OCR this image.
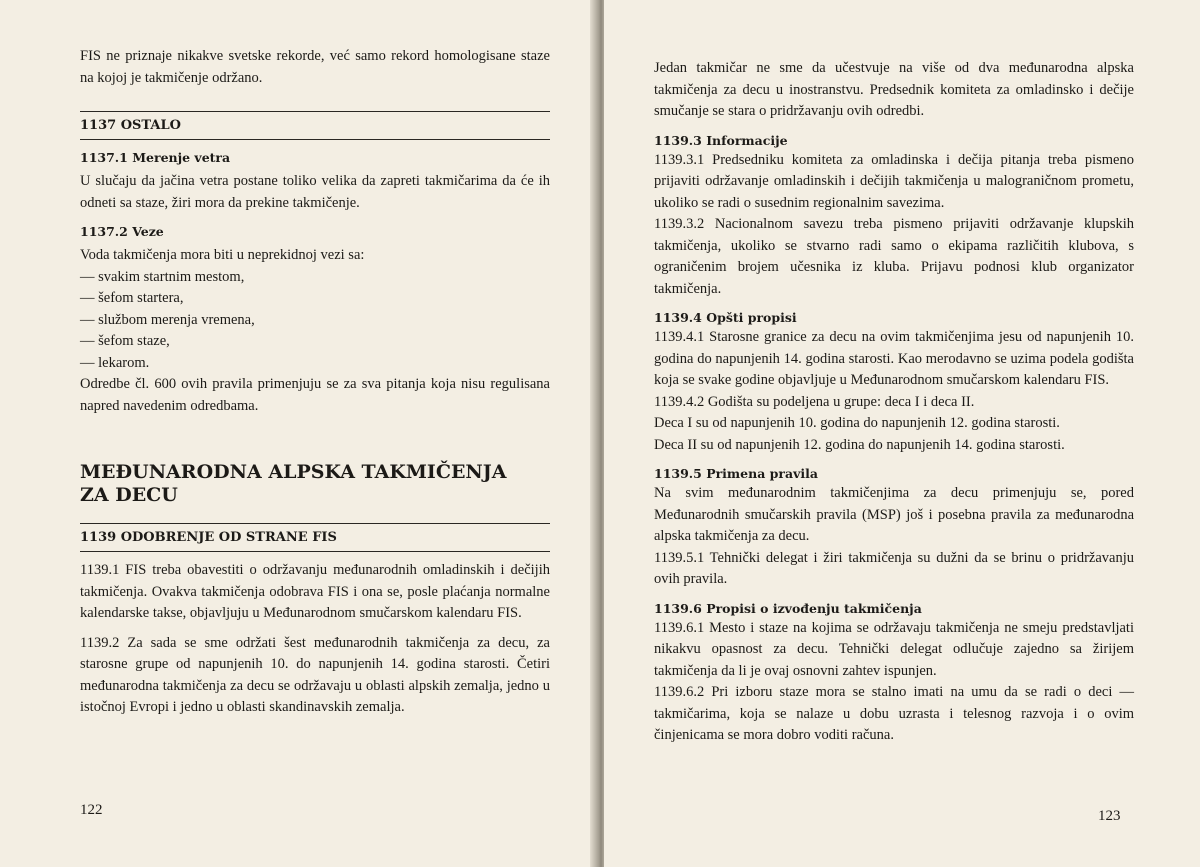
FIS ne priznaje nikakve svetske rekorde, već samo rekord homologisane staze na kojoj je takmičenje održano.

1137 OSTALO
1137.1 Merenje vetra

U slučaju da jačina vetra postane toliko velika da zapreti takmičarima da će ih odneti sa staze, žiri mora da prekine takmičenje.

1137.2 Veze

Voda takmičenja mora biti u neprekidnoj vezi sa:

— svakim startnim mestom,
— šefom startera,
— službom merenja vremena,
— šefom staze,
— lekarom.

Odredbe čl. 600 ovih pravila primenjuju se za sva pitanja koja nisu regulisana napred navedenim odredbama.

MEĐUNARODNA ALPSKA TAKMIČENJA
ZA DECU
1139 ODOBRENJE OD STRANE FIS

1139.1 FIS treba obavestiti o održavanju međunarodnih omladinskih i dečijih takmičenja. Ovakva takmičenja odobrava FIS i ona se, posle plaćanja normalne kalendarske takse, objavljuju u Međunarodnom smučarskom kalendaru FIS.

1139.2 Za sada se sme održati šest međunarodnih takmičenja za decu, za starosne grupe od napunjenih 10. do napunjenih 14. godina starosti. Četiri međunarodna takmičenja za decu se održavaju u oblasti alpskih zemalja, jedno u istočnoj Evropi i jedno u oblasti skandinavskih zemalja.

122

Jedan takmičar ne sme da učestvuje na više od dva međunarodna alpska takmičenja za decu u inostranstvu. Predsednik komiteta za omladinsko i dečije smučanje se stara o pridržavanju ovih odredbi.

1139.3 Informacije

1139.3.1 Predsedniku komiteta za omladinska i dečija pitanja treba pismeno prijaviti održavanje omladinskih i dečijih takmičenja u malograničnom prometu, ukoliko se radi o susednim regionalnim savezima.

1139.3.2 Nacionalnom savezu treba pismeno prijaviti održavanje klupskih takmičenja, ukoliko se stvarno radi samo o ekipama različitih klubova, s ograničenim brojem učesnika iz kluba. Prijavu podnosi klub organizator takmičenja.

1139.4 Opšti propisi

1139.4.1 Starosne granice za decu na ovim takmičenjima jesu od napunjenih 10. godina do napunjenih 14. godina starosti. Kao merodavno se uzima podela godišta koja se svake godine objavljuje u Međunarodnom smučarskom kalendaru FIS.

1139.4.2 Godišta su podeljena u grupe: deca I i deca II.

Deca I su od napunjenih 10. godina do napunjenih 12. godina starosti.

Deca II su od napunjenih 12. godina do napunjenih 14. godina starosti.

1139.5 Primena pravila

Na svim međunarodnim takmičenjima za decu primenjuju se, pored Međunarodnih smučarskih pravila (MSP) još i posebna pravila za međunarodna alpska takmičenja za decu.

1139.5.1 Tehnički delegat i žiri takmičenja su dužni da se brinu o pridržavanju ovih pravila.

1139.6 Propisi o izvođenju takmičenja

1139.6.1 Mesto i staze na kojima se održavaju takmičenja ne smeju predstavljati nikakvu opasnost za decu. Tehnički delegat odlučuje zajedno sa žirijem takmičenja da li je ovaj osnovni zahtev ispunjen.

1139.6.2 Pri izboru staze mora se stalno imati na umu da se radi o deci — takmičarima, koja se nalaze u dobu uzrasta i telesnog razvoja i o ovim činjenicama se mora dobro voditi računa.

123
